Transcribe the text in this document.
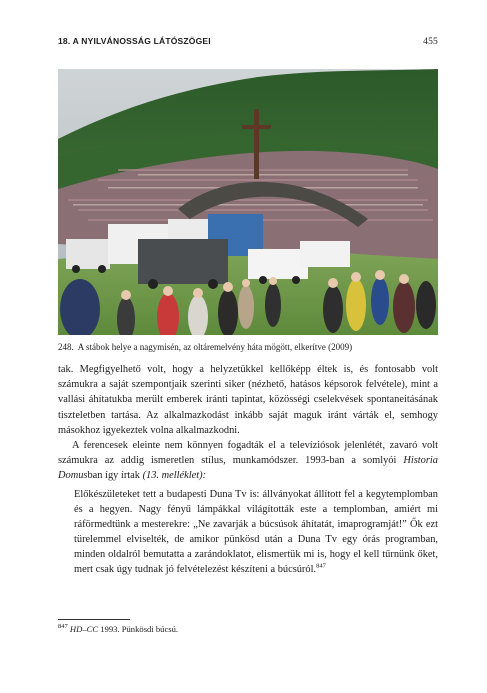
18. A NYILVÁNOSSÁG LÁTÓSZÖGEI	455
248. A stábok helye a nagymisén, az oltáremelvény háta mögött, elkerítve (2009)

tak. Megfigyelhető volt, hogy a helyzetükkel kellőképp éltek is, és fontosabb volt számukra a saját szempontjaik szerinti siker (nézhető, hatásos képsorok felvétele), mint a vallási áhítatukba merült emberek iránti tapintat, közösségi cselekvések spontaneitásának tiszteletben tartása. Az alkalmazkodást inkább saját maguk iránt várták el, semhogy másokhoz igyekeztek volna alkalmazkodni.

A ferencesek eleinte nem könnyen fogadták el a televíziósok jelenlétét, zavaró volt számukra az addig ismeretlen stílus, munkamódszer. 1993-ban a somlyói Historia Domusban így írtak (13. melléklet):

Előkészületeket tett a budapesti Duna Tv is: állványokat állított fel a kegytemplomban és a hegyen. Nagy fényű lámpákkal világították este a templomban, amiért mi ráförmedtünk a mesterekre: „Ne zavarják a búcsúsok áhítatát, imaprogramját!” Ők ezt türelemmel elviselték, de amikor pünkösd után a Duna Tv egy órás programban, minden oldalról bemutatta a zarándoklatot, elismertük mi is, hogy el kell tűrnünk őket, mert csak úgy tudnak jó felvételezést készíteni a búcsúról.$^{847}$

$^{847}$ HD–CC 1993. Pünkösdi búcsú.
